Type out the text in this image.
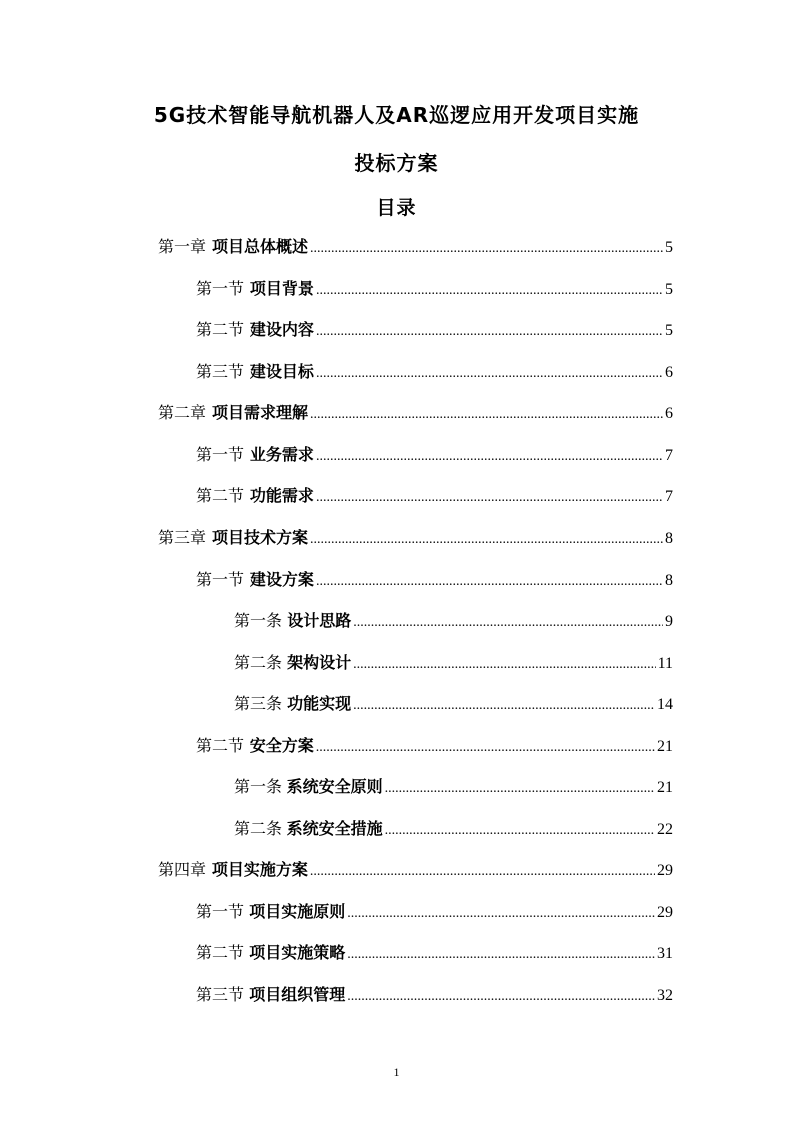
5G技术智能导航机器人及AR巡逻应用开发项目实施
投标方案
目录
第一章 项目总体概述 .....	5
第一节 项目背景 .....	5
第二节 建设内容 .....	5
第三节 建设目标 .....	6
第二章 项目需求理解 .....	6
第一节 业务需求 .....	7
第二节 功能需求 .....	7
第三章 项目技术方案 .....	8
第一节 建设方案 .....	8
第一条 设计思路 .....	9
第二条 架构设计 .....	11
第三条 功能实现 .....	14
第二节 安全方案 .....	21
第一条 系统安全原则 .....	21
第二条 系统安全措施 .....	22
第四章 项目实施方案 .....	29
第一节 项目实施原则 .....	29
第二节 项目实施策略 .....	31
第三节 项目组织管理 .....	32
1
